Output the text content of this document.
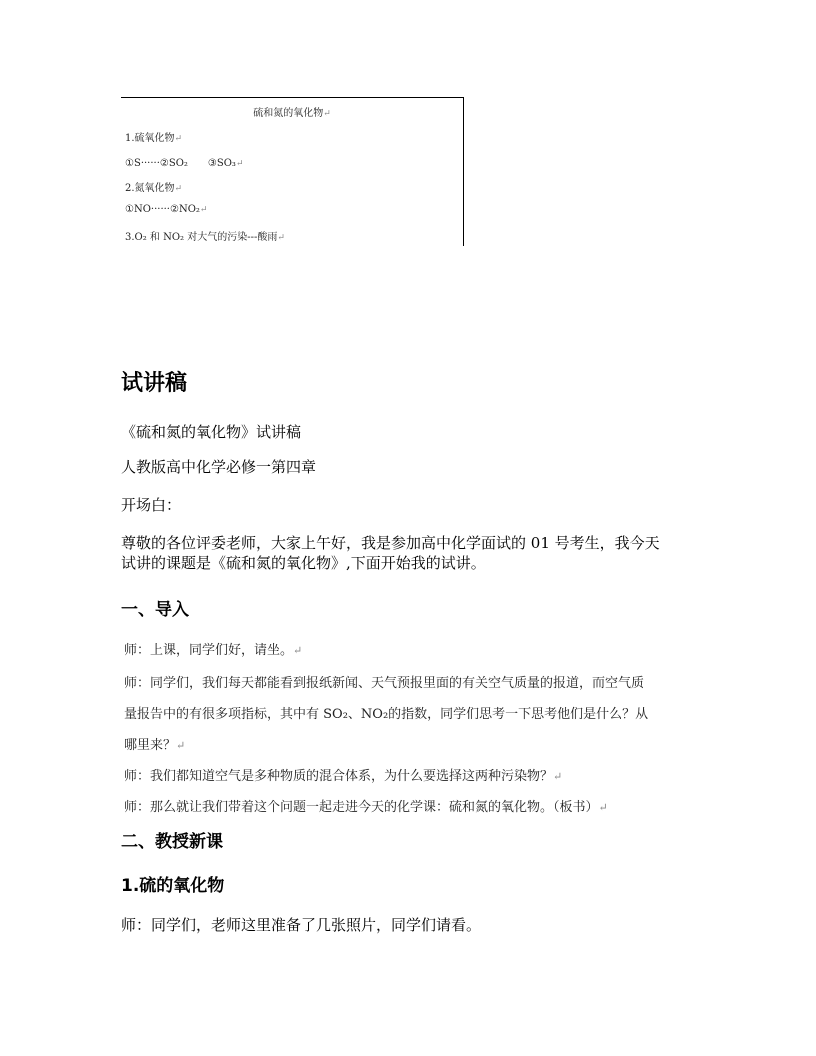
硫和氮的氧化物↵
1.硫氧化物↵
①S······②SO₂　　③SO₃↵
2.氮氧化物↵
①NO······②NO₂↵
3.O₂ 和 NO₂ 对大气的污染---酸雨↵
试讲稿
《硫和氮的氧化物》试讲稿
人教版高中化学必修一第四章
开场白：
尊敬的各位评委老师，大家上午好，我是参加高中化学面试的 01 号考生，我今天
试讲的课题是《硫和氮的氧化物》,下面开始我的试讲。
一、导入
师：上课，同学们好，请坐。↵
师：同学们，我们每天都能看到报纸新闻、天气预报里面的有关空气质量的报道，而空气质
量报告中的有很多项指标，其中有 SO₂、NO₂的指数，同学们思考一下思考他们是什么？从
哪里来？↵
师：我们都知道空气是多种物质的混合体系，为什么要选择这两种污染物？↵
师：那么就让我们带着这个问题一起走进今天的化学课：硫和氮的氧化物。（板书）↵
二、教授新课
1.硫的氧化物
师：同学们，老师这里准备了几张照片，同学们请看。
